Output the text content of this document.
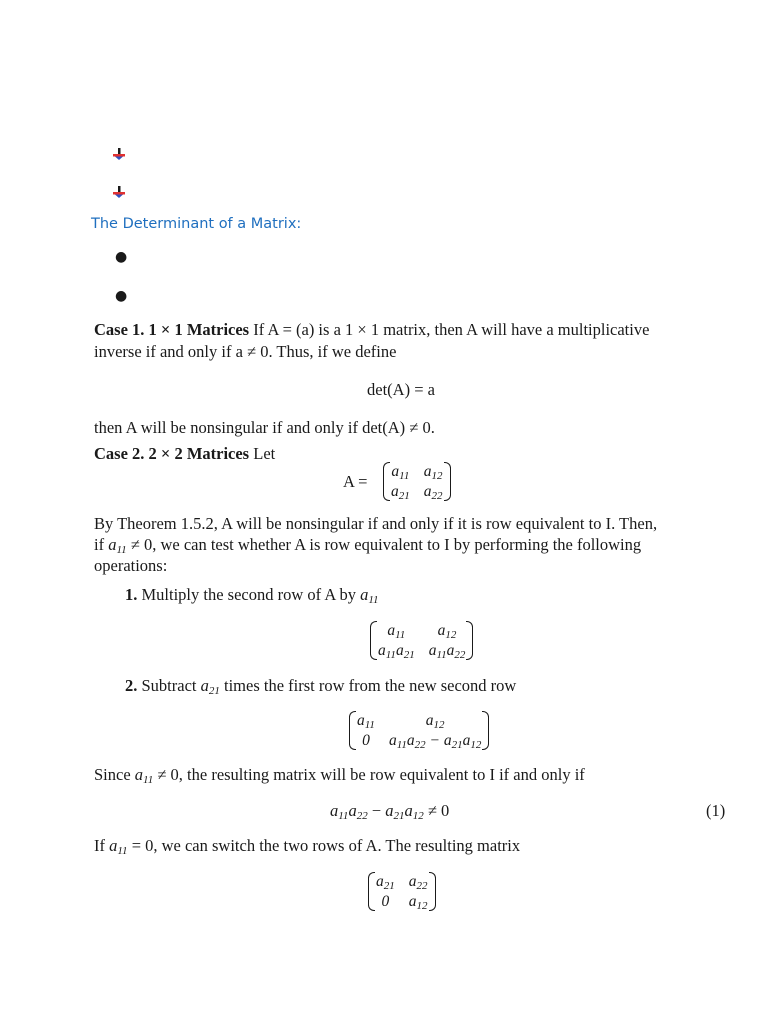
The Determinant of a Matrix:
●
●
Case 1. 1 × 1 Matrices If A = (a) is a 1 × 1 matrix, then A will have a multiplicative
inverse if and only if a ≠ 0. Thus, if we define
det(A) = a
then A will be nonsingular if and only if det(A) ≠ 0.
Case 2. 2 × 2 Matrices Let
A =
$a_{11}$ $a_{12}$
$a_{21}$ $a_{22}$
By Theorem 1.5.2, A will be nonsingular if and only if it is row equivalent to I. Then,
if $a_{11} \ne 0$, we can test whether A is row equivalent to I by performing the following
operations:
1. Multiply the second row of A by $a_{11}$
$a_{11}$	$a_{12}$
$a_{11}a_{21}$ $a_{11}a_{22}$
2. Subtract $a_{21}$ times the first row from the new second row
$a_{11}$	$a_{12}$
0	$a_{11}a_{22} - a_{21}a_{12}$
Since $a_{11} \ne 0$, the resulting matrix will be row equivalent to I if and only if
$a_{11}a_{22} - a_{21}a_{12} \ne 0$	(1)
If $a_{11} = 0$, we can switch the two rows of A. The resulting matrix
$a_{21}$ $a_{22}$
0	$a_{12}$
